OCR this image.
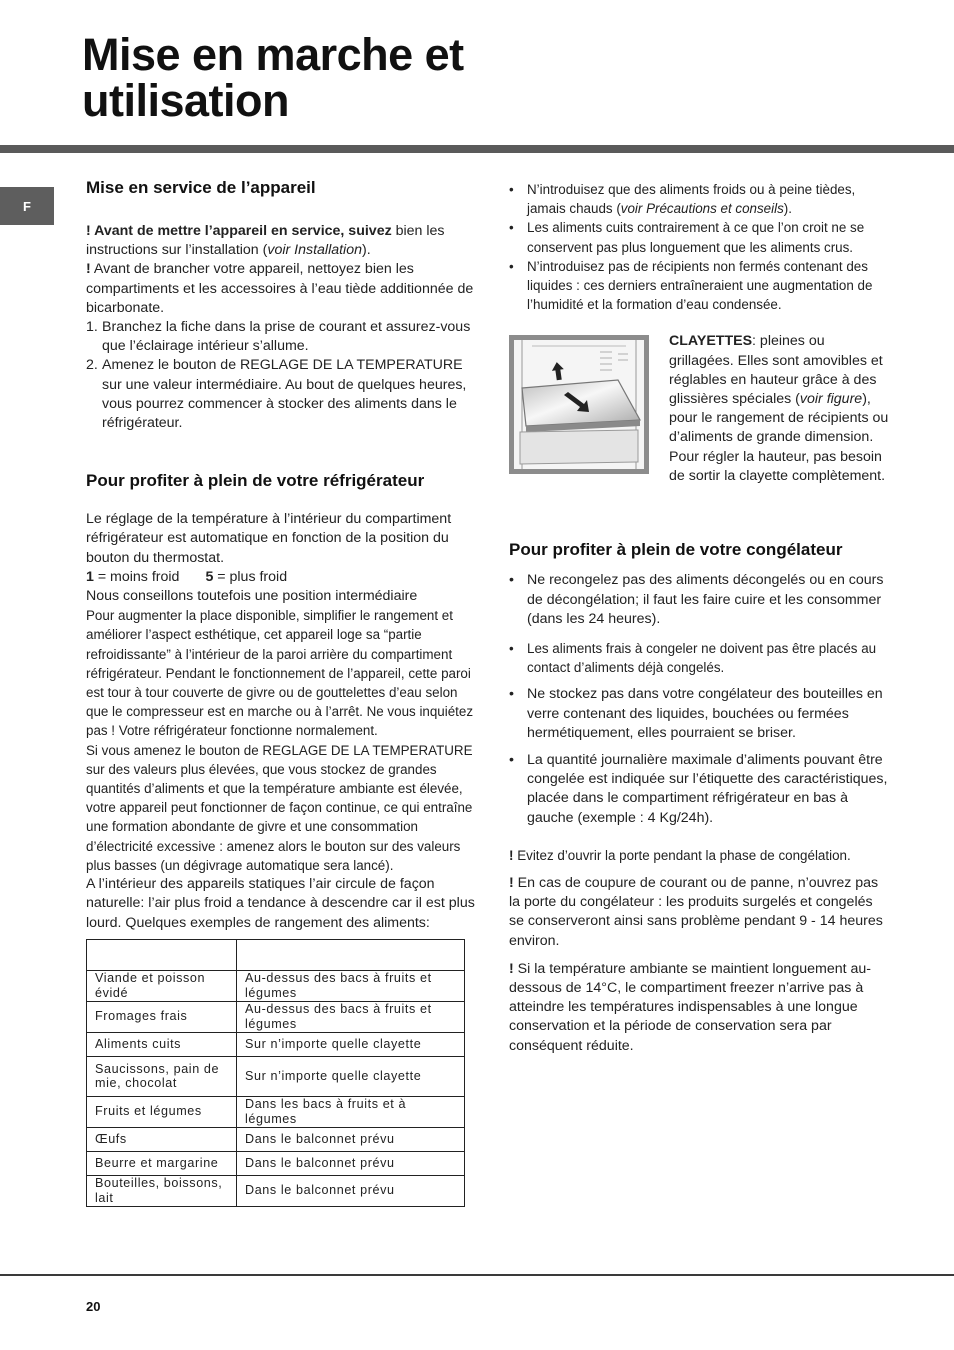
Mise en marche et
utilisation
F
Mise en service de l’appareil

! Avant de mettre l’appareil en service, suivez bien les instructions sur l’installation (voir Installation).

! Avant de brancher votre appareil, nettoyez bien les compartiments et les accessoires à l’eau tiède additionnée de bicarbonate.

1. Branchez la fiche dans la prise de courant et assurez-vous que l’éclairage intérieur s’allume.
2. Amenez le bouton de REGLAGE DE LA TEMPERATURE sur une valeur intermédiaire. Au bout de quelques heures, vous pourrez commencer à stocker des aliments dans le réfrigérateur.
Pour profiter à plein de votre réfrigérateur

Le réglage de la température à l’intérieur du compartiment réfrigérateur est automatique en fonction de la position du bouton du thermostat.

1 = moins froid 5 = plus froid

Nous conseillons toutefois une position intermédiaire

Pour augmenter la place disponible, simplifier le rangement et améliorer l’aspect esthétique, cet appareil loge sa “partie refroidissante” à l’intérieur de la paroi arrière du compartiment réfrigérateur. Pendant le fonctionnement de l’appareil, cette paroi est tour à tour couverte de givre ou de gouttelettes d’eau selon que le compresseur est en marche ou à l’arrêt. Ne vous inquiétez pas ! Votre réfrigérateur fonctionne normalement.

Si vous amenez le bouton de REGLAGE DE LA TEMPERATURE sur des valeurs plus élevées, que vous stockez de grandes quantités d’aliments et que la température ambiante est élevée, votre appareil peut fonctionner de façon continue, ce qui entraîne une formation abondante de givre et une consommation d’électricité excessive : amenez alors le bouton sur des valeurs plus basses (un dégivrage automatique sera lancé).

A l’intérieur des appareils statiques l’air circule de façon naturelle: l’air plus froid a tendance à descendre car il est plus lourd. Quelques exemples de rangement des aliments:

Viande et poisson évidé	Au-dessus des bacs à fruits et légumes
Fromages frais	Au-dessus des bacs à fruits et légumes
Aliments cuits	Sur n’importe quelle clayette
Saucissons, pain de mie, chocolat	Sur n’importe quelle clayette
Fruits et légumes	Dans les bacs à fruits et à légumes
Œufs	Dans le balconnet prévu
Beurre et margarine	Dans le balconnet prévu
Bouteilles, boissons, lait	Dans le balconnet prévu
• N’introduisez que des aliments froids ou à peine tièdes, jamais chauds (voir Précautions et conseils).
• Les aliments cuits contrairement à ce que l’on croit ne se conservent pas plus longuement que les aliments crus.
• N’introduisez pas de récipients non fermés contenant des liquides : ces derniers entraîneraient une augmentation de l’humidité et la formation d’eau condensée.

CLAYETTES: pleines ou grillagées. Elles sont amovibles et réglables en hauteur grâce à des glissières spéciales (voir figure), pour le rangement de récipients ou d’aliments de grande dimension. Pour régler la hauteur, pas besoin de sortir la clayette complètement.

Pour profiter à plein de votre congélateur
• Ne recongelez pas des aliments décongelés ou en cours de décongélation; il faut les faire cuire et les consommer (dans les 24 heures).
• Les aliments frais à congeler ne doivent pas être placés au contact d’aliments déjà congelés.
• Ne stockez pas dans votre congélateur des bouteilles en verre contenant des liquides, bouchées ou fermées hermétiquement, elles pourraient se briser.
• La quantité journalière maximale d’aliments pouvant être congelée est indiquée sur l’étiquette des caractéristiques, placée dans le compartiment réfrigérateur en bas à gauche (exemple : 4 Kg/24h).

! Evitez d’ouvrir la porte pendant la phase de congélation.

! En cas de coupure de courant ou de panne, n’ouvrez pas la porte du congélateur : les produits surgelés et congelés se conserveront ainsi sans problème pendant 9 - 14 heures environ.

! Si la température ambiante se maintient longuement au-dessous de 14°C, le compartiment freezer n’arrive pas à atteindre les températures indispensables à une longue conservation et la période de conservation sera par conséquent réduite.

20
